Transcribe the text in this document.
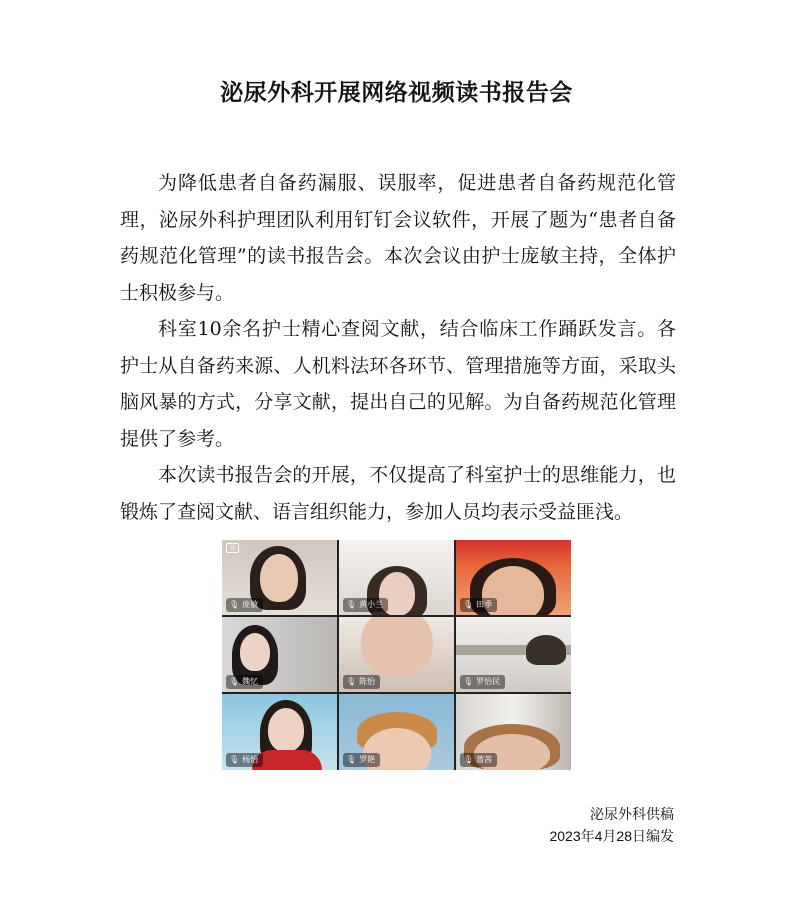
泌尿外科开展网络视频读书报告会

为降低患者自备药漏服、误服率，促进患者自备药规范化管理，泌尿外科护理团队利用钉钉会议软件，开展了题为“患者自备药规范化管理”的读书报告会。本次会议由护士庞敏主持，全体护士积极参与。

科室10余名护士精心查阅文献，结合临床工作踊跃发言。各护士从自备药来源、人机料法环各环节、管理措施等方面，采取头脑风暴的方式，分享文献，提出自己的见解。为自备药规范化管理提供了参考。

本次读书报告会的开展，不仅提高了科室护士的思维能力，也锻炼了查阅文献、语言组织能力，参加人员均表示受益匪浅。

◎
🎙 庞敏	🎙 黄小兰	🎙 田季
🎙 魏忆	🎙 陈怡	🎙 罗怡民
🎙 杨怡	🎙 罗艳	🎙 蔷茜
泌尿外科供稿
2023年4月28日编发
